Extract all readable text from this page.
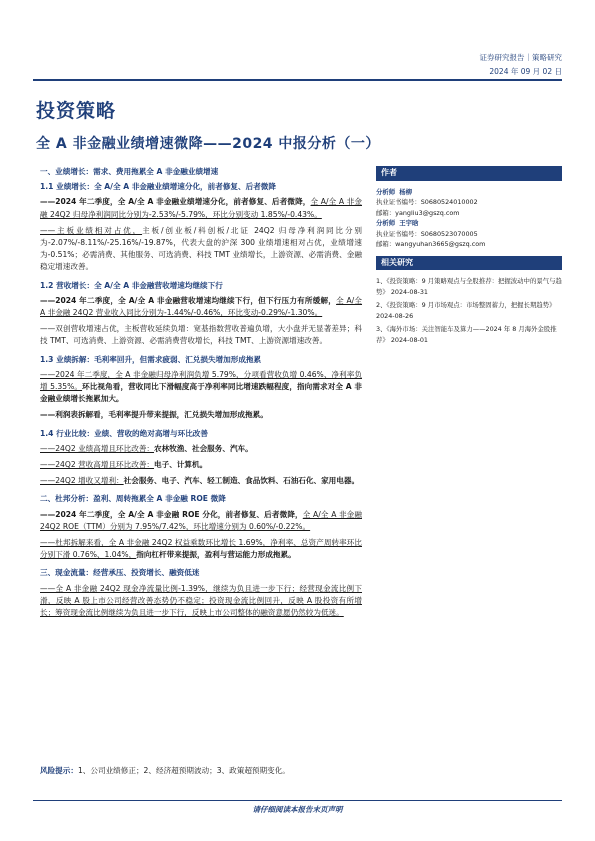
证券研究报告｜策略研究
2024 年 09 月 02 日
投资策略
全 A 非金融业绩增速微降——2024 中报分析（一）

一、业绩增长：需求、费用拖累全 A 非金融业绩增速

1.1 业绩增长：全 A/全 A 非金融业绩增速分化，前者修复、后者微降

——2024 年二季度，全 A/全 A 非金融业绩增速分化，前者修复、后者微降，全 A/全 A 非金融 24Q2 归母净利润同比分别为-2.53%/-5.79%，环比分别变动 1.85%/-0.43%。

——主板业绩相对占优，主板/创业板/科创板/北证 24Q2 归母净利润同比分别为-2.07%/-8.11%/-25.16%/-19.87%，代表大盘的沪深 300 业绩增速相对占优，业绩增速为-0.51%；必需消费、其他服务、可选消费、科技 TMT 业绩增长，上游资源、必需消费、金融稳定增速改善。

1.2 营收增长：全 A/全 A 非金融营收增速均继续下行

——2024 年二季度，全 A/全 A 非金融营收增速均继续下行，但下行压力有所缓解，全 A/全 A 非金融 24Q2 营业收入同比分别为-1.44%/-0.46%，环比变动-0.29%/-1.30%。

——双创营收增速占优，主板营收延续负增：宽基指数营收普遍负增，大小盘并无显著差异；科技 TMT、可选消费、上游资源、必需消费营收增长，科技 TMT、上游资源增速改善。

1.3 业绩拆解：毛利率回升，但需求疲弱、汇兑损失增加形成拖累

——2024 年二季度，全 A 非金融归母净利润负增 5.79%，分项看营收负增 0.46%、净利率负增 5.35%。环比视角看，营收同比下滑幅度高于净利率同比增速跌幅程度，指向需求对全 A 非金融业绩增长拖累加大。

——利润表拆解看，毛利率提升带来提振，汇兑损失增加形成拖累。

1.4 行业比较：业绩、营收的绝对高增与环比改善

——24Q2 业绩高增且环比改善：农林牧渔、社会服务、汽车。

——24Q2 营收高增且环比改善：电子、计算机。

——24Q2 增收又增利：社会服务、电子、汽车、轻工制造、食品饮料、石油石化、家用电器。

二、杜邦分析：盈利、周转拖累全 A 非金融 ROE 微降

——2024 年二季度，全 A/全 A 非金融 ROE 分化，前者修复、后者微降，全 A/全 A 非金融 24Q2 ROE（TTM）分别为 7.95%/7.42%，环比增速分别为 0.60%/-0.22%。

——杜邦拆解来看，全 A 非金融 24Q2 权益乘数环比增长 1.69%，净利率、总资产周转率环比分别下滑 0.76%、1.04%，指向杠杆带来提振，盈利与营运能力形成拖累。

三、现金流量：经营承压、投资增长、融资低迷

——全 A 非金融 24Q2 现金净流量比例-1.39%，继续为负且进一步下行；经营现金流比例下滑，反映 A 股上市公司经营改善态势仍不稳定；投资现金流比例回升，反映 A 股投资有所增长；筹资现金流比例继续为负且进一步下行，反映上市公司整体的融资意愿仍然较为低迷。

风险提示：1、公司业绩修正；2、经济超预期波动；3、政策超预期变化。

作者

分析师 杨柳

执业证书编号：S0680524010002

邮箱：yangliu3@gszq.com

分析师 王宇晗

执业证书编号：S0680523070005

邮箱：wangyuhan3665@gszq.com

相关研究

1、《投资策略：9 月策略观点与全股推荐：把握波动中的景气与趋势》 2024-08-31

2、《投资策略：9 月市场观点：市场整固蓄力，把握长期趋势》 2024-08-26

3、《海外市场：关注智能车及算力——2024 年 8 月海外金股推荐》 2024-08-01

请仔细阅读本报告末页声明
